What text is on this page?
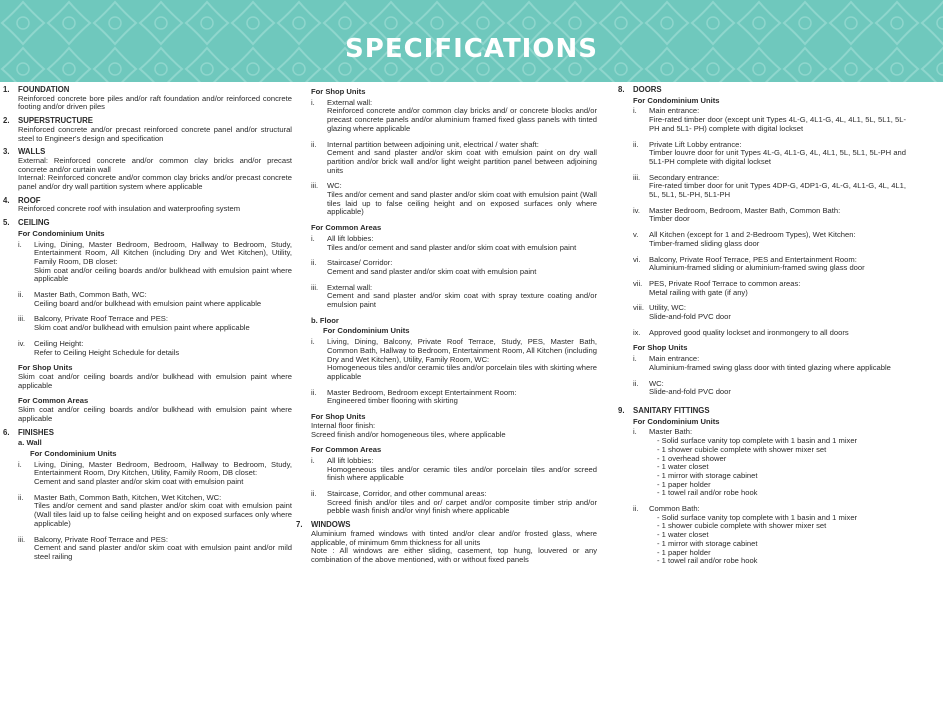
SPECIFICATIONS
1.	FOUNDATION
Reinforced concrete bore piles and/or raft foundation and/or reinforced concrete footing and/or driven piles
2.	SUPERSTRUCTURE
Reinforced concrete and/or precast reinforced concrete panel and/or structural steel to Engineer's design and specification
3.	WALLS
External: Reinforced concrete and/or common clay bricks and/or precast concrete and/or curtain wall
Internal: Reinforced concrete and/or common clay bricks and/or precast concrete panel and/or dry wall partition system where applicable
4.	ROOF
Reinforced concrete roof with insulation and waterproofing system
5.	CEILING
For Condominium Units
i.	Living, Dining, Master Bedroom, Bedroom, Hallway to Bedroom, Study, Entertainment Room, All Kitchen (including Dry and Wet Kitchen), Utility, Family Room, DB closet:
Skim coat and/or ceiling boards and/or bulkhead with emulsion paint where applicable
ii.	Master Bath, Common Bath, WC:
Ceiling board and/or bulkhead with emulsion paint where applicable
iii.	Balcony, Private Roof Terrace and PES:
Skim coat and/or bulkhead with emulsion paint where applicable
iv.	Ceiling Height:
Refer to Ceiling Height Schedule for details
For Shop Units
Skim coat and/or ceiling boards and/or bulkhead with emulsion paint where applicable
For Common Areas
Skim coat and/or ceiling boards and/or bulkhead with emulsion paint where applicable
6.	FINISHES
a. Wall
For Condominium Units
i.	Living, Dining, Master Bedroom, Bedroom, Hallway to Bedroom, Study, Entertainment Room, Dry Kitchen, Utility, Family Room, DB closet:
Cement and sand plaster and/or skim coat with emulsion paint
ii.	Master Bath, Common Bath, Kitchen, Wet Kitchen, WC:
Tiles and/or cement and sand plaster and/or skim coat with emulsion paint (Wall tiles laid up to false ceiling height and on exposed surfaces only where applicable)
iii.	Balcony, Private Roof Terrace and PES:
Cement and sand plaster and/or skim coat with emulsion paint and/or mild steel railing
For Shop Units
i.	External wall:
Reinforced concrete and/or common clay bricks and/ or concrete blocks and/or precast concrete panels and/or aluminium framed fixed glass panels with tinted glazing where applicable
ii.	Internal partition between adjoining unit, electrical / water shaft:
Cement and sand plaster and/or skim coat with emulsion paint on dry wall partition and/or brick wall and/or light weight partition panel between adjoining units
iii.	WC:
Tiles and/or cement and sand plaster and/or skim coat with emulsion paint (Wall tiles laid up to false ceiling height and on exposed surfaces only where applicable)
For Common Areas
i.	All lift lobbies:
Tiles and/or cement and sand plaster and/or skim coat with emulsion paint
ii.	Staircase/ Corridor:
Cement and sand plaster and/or skim coat with emulsion paint
iii.	External wall:
Cement and sand plaster and/or skim coat with spray texture coating and/or emulsion paint
b. Floor
For Condominium Units
i.	Living, Dining, Balcony, Private Roof Terrace, Study, PES, Master Bath, Common Bath, Hallway to Bedroom, Entertainment Room, All Kitchen (including Dry and Wet Kitchen), Utility, Family Room, WC:
Homogeneous tiles and/or ceramic tiles and/or porcelain tiles with skirting where applicable
ii.	Master Bedroom, Bedroom except Entertainment Room:
Engineered timber flooring with skirting
For Shop Units
Internal floor finish:
Screed finish and/or homogeneous tiles, where applicable
For Common Areas
i.	All lift lobbies:
Homogeneous tiles and/or ceramic tiles and/or porcelain tiles and/or screed finish where applicable
ii.	Staircase, Corridor, and other communal areas:
Screed finish and/or tiles and or/ carpet and/or composite timber strip and/or pebble wash finish and/or vinyl finish where applicable
7.	WINDOWS
Aluminium framed windows with tinted and/or clear and/or frosted glass, where applicable, of minimum 6mm thickness for all units
Note : All windows are either sliding, casement, top hung, louvered or any combination of the above mentioned, with or without fixed panels
8.	DOORS
For Condominium Units
i.	Main entrance:
Fire-rated timber door (except unit Types 4L-G, 4L1-G, 4L, 4L1, 5L, 5L1, 5L-PH and 5L1- PH) complete with digital lockset
ii.	Private Lift Lobby entrance:
Timber louvre door for unit Types 4L-G, 4L1-G, 4L, 4L1, 5L, 5L1, 5L-PH and 5L1-PH complete with digital lockset
iii.	Secondary entrance:
Fire-rated timber door for unit Types 4DP-G, 4DP1-G, 4L-G, 4L1-G, 4L, 4L1, 5L, 5L1, 5L-PH, 5L1-PH
iv.	Master Bedroom, Bedroom, Master Bath, Common Bath:
Timber door
v.	All Kitchen (except for 1 and 2-Bedroom Types), Wet Kitchen:
Timber-framed sliding glass door
vi.	Balcony, Private Roof Terrace, PES and Entertainment Room:
Aluminium-framed sliding or aluminium-framed swing glass door
vii. PES, Private Roof Terrace to common areas:
Metal railing with gate (if any)
viii. Utility, WC:
Slide-and-fold PVC door
ix.	Approved good quality lockset and ironmongery to all doors
For Shop Units
i.	Main entrance:
Aluminium-framed swing glass door with tinted glazing where applicable
ii.	WC:
Slide-and-fold PVC door
9.	SANITARY FITTINGS
For Condominium Units
i.	Master Bath:
- Solid surface vanity top complete with 1 basin and 1 mixer
- 1 shower cubicle complete with shower mixer set
- 1 overhead shower
- 1 water closet
- 1 mirror with storage cabinet
- 1 paper holder
- 1 towel rail and/or robe hook
ii.	Common Bath:
- Solid surface vanity top complete with 1 basin and 1 mixer
- 1 shower cubicle complete with shower mixer set
- 1 water closet
- 1 mirror with storage cabinet
- 1 paper holder
- 1 towel rail and/or robe hook
